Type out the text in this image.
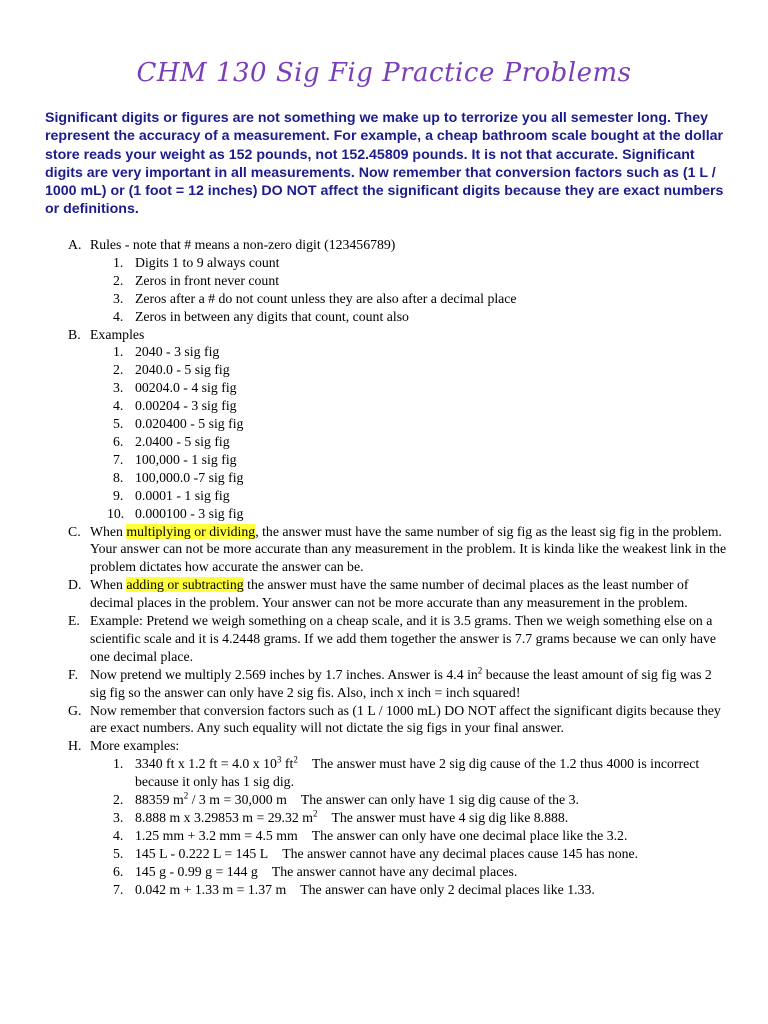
CHM 130 Sig Fig Practice Problems

Significant digits or figures are not something we make up to terrorize you all semester long. They represent the accuracy of a measurement. For example, a cheap bathroom scale bought at the dollar store reads your weight as 152 pounds, not 152.45809 pounds. It is not that accurate. Significant digits are very important in all measurements. Now remember that conversion factors such as (1 L / 1000 mL) or (1 foot = 12 inches) DO NOT affect the significant digits because they are exact numbers or definitions.

A. Rules - note that # means a non-zero digit (123456789)
1. Digits 1 to 9 always count
2. Zeros in front never count
3. Zeros after a # do not count unless they are also after a decimal place
4. Zeros in between any digits that count, count also
B. Examples
1. 2040 - 3 sig fig
2. 2040.0 - 5 sig fig
3. 00204.0 - 4 sig fig
4. 0.00204 - 3 sig fig
5. 0.020400 - 5 sig fig
6. 2.0400 - 5 sig fig
7. 100,000 - 1 sig fig
8. 100,000.0 -7 sig fig
9. 0.0001 - 1 sig fig
10. 0.000100 - 3 sig fig
C. When multiplying or dividing, the answer must have the same number of sig fig as the least sig fig in the problem. Your answer can not be more accurate than any measurement in the problem. It is kinda like the weakest link in the problem dictates how accurate the answer can be.
D. When adding or subtracting the answer must have the same number of decimal places as the least number of decimal places in the problem. Your answer can not be more accurate than any measurement in the problem.
E. Example: Pretend we weigh something on a cheap scale, and it is 3.5 grams. Then we weigh something else on a scientific scale and it is 4.2448 grams. If we add them together the answer is 7.7 grams because we can only have one decimal place.
F. Now pretend we multiply 2.569 inches by 1.7 inches. Answer is 4.4 $in^2$ because the least amount of sig fig was 2 sig fig so the answer can only have 2 sig fis. Also, inch x inch = inch squared!
G. Now remember that conversion factors such as (1 L / 1000 mL) DO NOT affect the significant digits because they are exact numbers. Any such equality will not dictate the sig figs in your final answer.
H. More examples:
1. 3340 ft x 1.2 ft = 4.0 x $10^3$ $ft^2$ The answer must have 2 sig dig cause of the 1.2 thus 4000 is incorrect because it only has 1 sig dig.
2. 88359 $m^2 / 3$ m = 30,000 m The answer can only have 1 sig dig cause of the 3.
3. 8.888 m x 3.29853 m = 29.32 $m^2$ The answer must have 4 sig dig like 8.888.
4. 1.25 mm + 3.2 mm = 4.5 mm The answer can only have one decimal place like the 3.2.
5. 145 L - 0.222 L = 145 L The answer cannot have any decimal places cause 145 has none.
6. 145 g - 0.99 g = 144 g The answer cannot have any decimal places.
7. 0.042 m + 1.33 m = 1.37 m The answer can have only 2 decimal places like 1.33.
